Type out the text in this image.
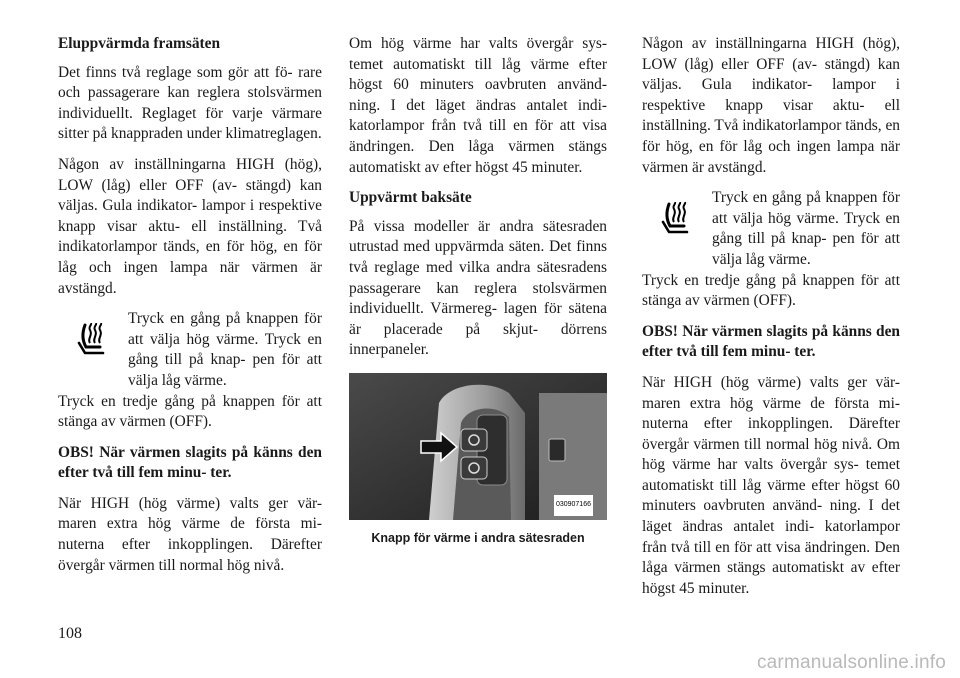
Eluppvärmda framsäten
Det finns två reglage som gör att fö- rare och passagerare kan reglera stolsvärmen individuellt. Reglaget för varje värmare sitter på knappraden under klimatreglagen.
Någon av inställningarna HIGH (hög), LOW (låg) eller OFF (av- stängd) kan väljas. Gula indikator- lampor i respektive knapp visar aktu- ell inställning. Två indikatorlampor tänds, en för hög, en för låg och ingen lampa när värmen är avstängd.
Tryck en gång på knappen för att välja hög värme. Tryck en gång till på knap- pen för att välja låg värme.
Tryck en tredje gång på knappen för att stänga av värmen (OFF).
OBS! När värmen slagits på känns den efter två till fem minu- ter.
När HIGH (hög värme) valts ger vär- maren extra hög värme de första mi- nuterna efter inkopplingen. Därefter övergår värmen till normal hög nivå.
Om hög värme har valts övergår sys- temet automatiskt till låg värme efter högst 60 minuters oavbruten använd- ning. I det läget ändras antalet indi- katorlampor från två till en för att visa ändringen. Den låga värmen stängs automatiskt av efter högst 45 minuter.
Uppvärmt baksäte
På vissa modeller är andra sätesraden utrustad med uppvärmda säten. Det finns två reglage med vilka andra sätesradens passagerare kan reglera stolsvärmen individuellt. Värmereg- lagen för sätena är placerade på skjut- dörrens innerpaneler.
030907166
Knapp för värme i andra sätesraden
Någon av inställningarna HIGH (hög), LOW (låg) eller OFF (av- stängd) kan väljas. Gula indikator- lampor i respektive knapp visar aktu- ell inställning. Två indikatorlampor tänds, en för hög, en för låg och ingen lampa när värmen är avstängd.
Tryck en gång på knappen för att välja hög värme. Tryck en gång till på knap- pen för att välja låg värme.
Tryck en tredje gång på knappen för att stänga av värmen (OFF).
OBS! När värmen slagits på känns den efter två till fem minu- ter.
När HIGH (hög värme) valts ger vär- maren extra hög värme de första mi- nuterna efter inkopplingen. Därefter övergår värmen till normal hög nivå. Om hög värme har valts övergår sys- temet automatiskt till låg värme efter högst 60 minuters oavbruten använd- ning. I det läget ändras antalet indi- katorlampor från två till en för att visa ändringen. Den låga värmen stängs automatiskt av efter högst 45 minuter.
108
carmanualsonline.info
